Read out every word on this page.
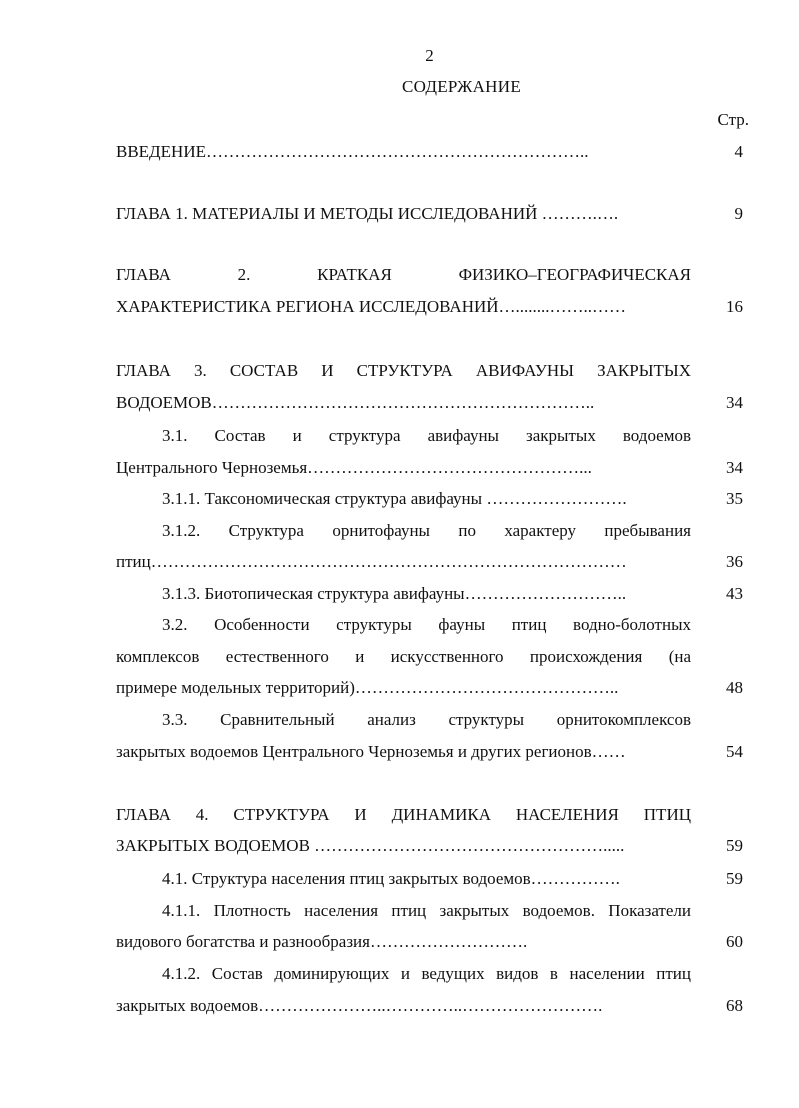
2
СОДЕРЖАНИЕ
Стр.
ВВЕДЕНИЕ…………………………………………………………..	4
ГЛАВА 1. МАТЕРИАЛЫ И МЕТОДЫ ИССЛЕДОВАНИЙ ……….….	9
ГЛАВА 2. КРАТКАЯ ФИЗИКО–ГЕОГРАФИЧЕСКАЯ
ХАРАКТЕРИСТИКА РЕГИОНА ИССЛЕДОВАНИЙ…........……..……	16
ГЛАВА 3. СОСТАВ И СТРУКТУРА АВИФАУНЫ ЗАКРЫТЫХ
ВОДОЕМОВ…………………………………………………………..	34
3.1. Состав и структура авифауны закрытых водоемов
Центрального Черноземья…………………………………………...	34
3.1.1. Таксономическая структура авифауны …………………….	35
3.1.2. Структура орнитофауны по характеру пребывания
птиц…………………………………………………………………………	36
3.1.3. Биотопическая структура авифауны………………………..	43
3.2. Особенности структуры фауны птиц водно-болотных
комплексов естественного и искусственного происхождения (на
примере модельных территорий)………………………………………..	48
3.3. Сравнительный анализ структуры орнитокомплексов
закрытых водоемов Центрального Черноземья и других регионов……	54
ГЛАВА 4. СТРУКТУРА И ДИНАМИКА НАСЕЛЕНИЯ ПТИЦ
ЗАКРЫТЫХ ВОДОЕМОВ …………………………………………….....	59
4.1. Структура населения птиц закрытых водоемов…………….	59
4.1.1. Плотность населения птиц закрытых водоемов. Показатели
видового богатства и разнообразия……………………….	60
4.1.2. Состав доминирующих и ведущих видов в населении птиц
закрытых водоемов…………………..…………..…………………….	68
